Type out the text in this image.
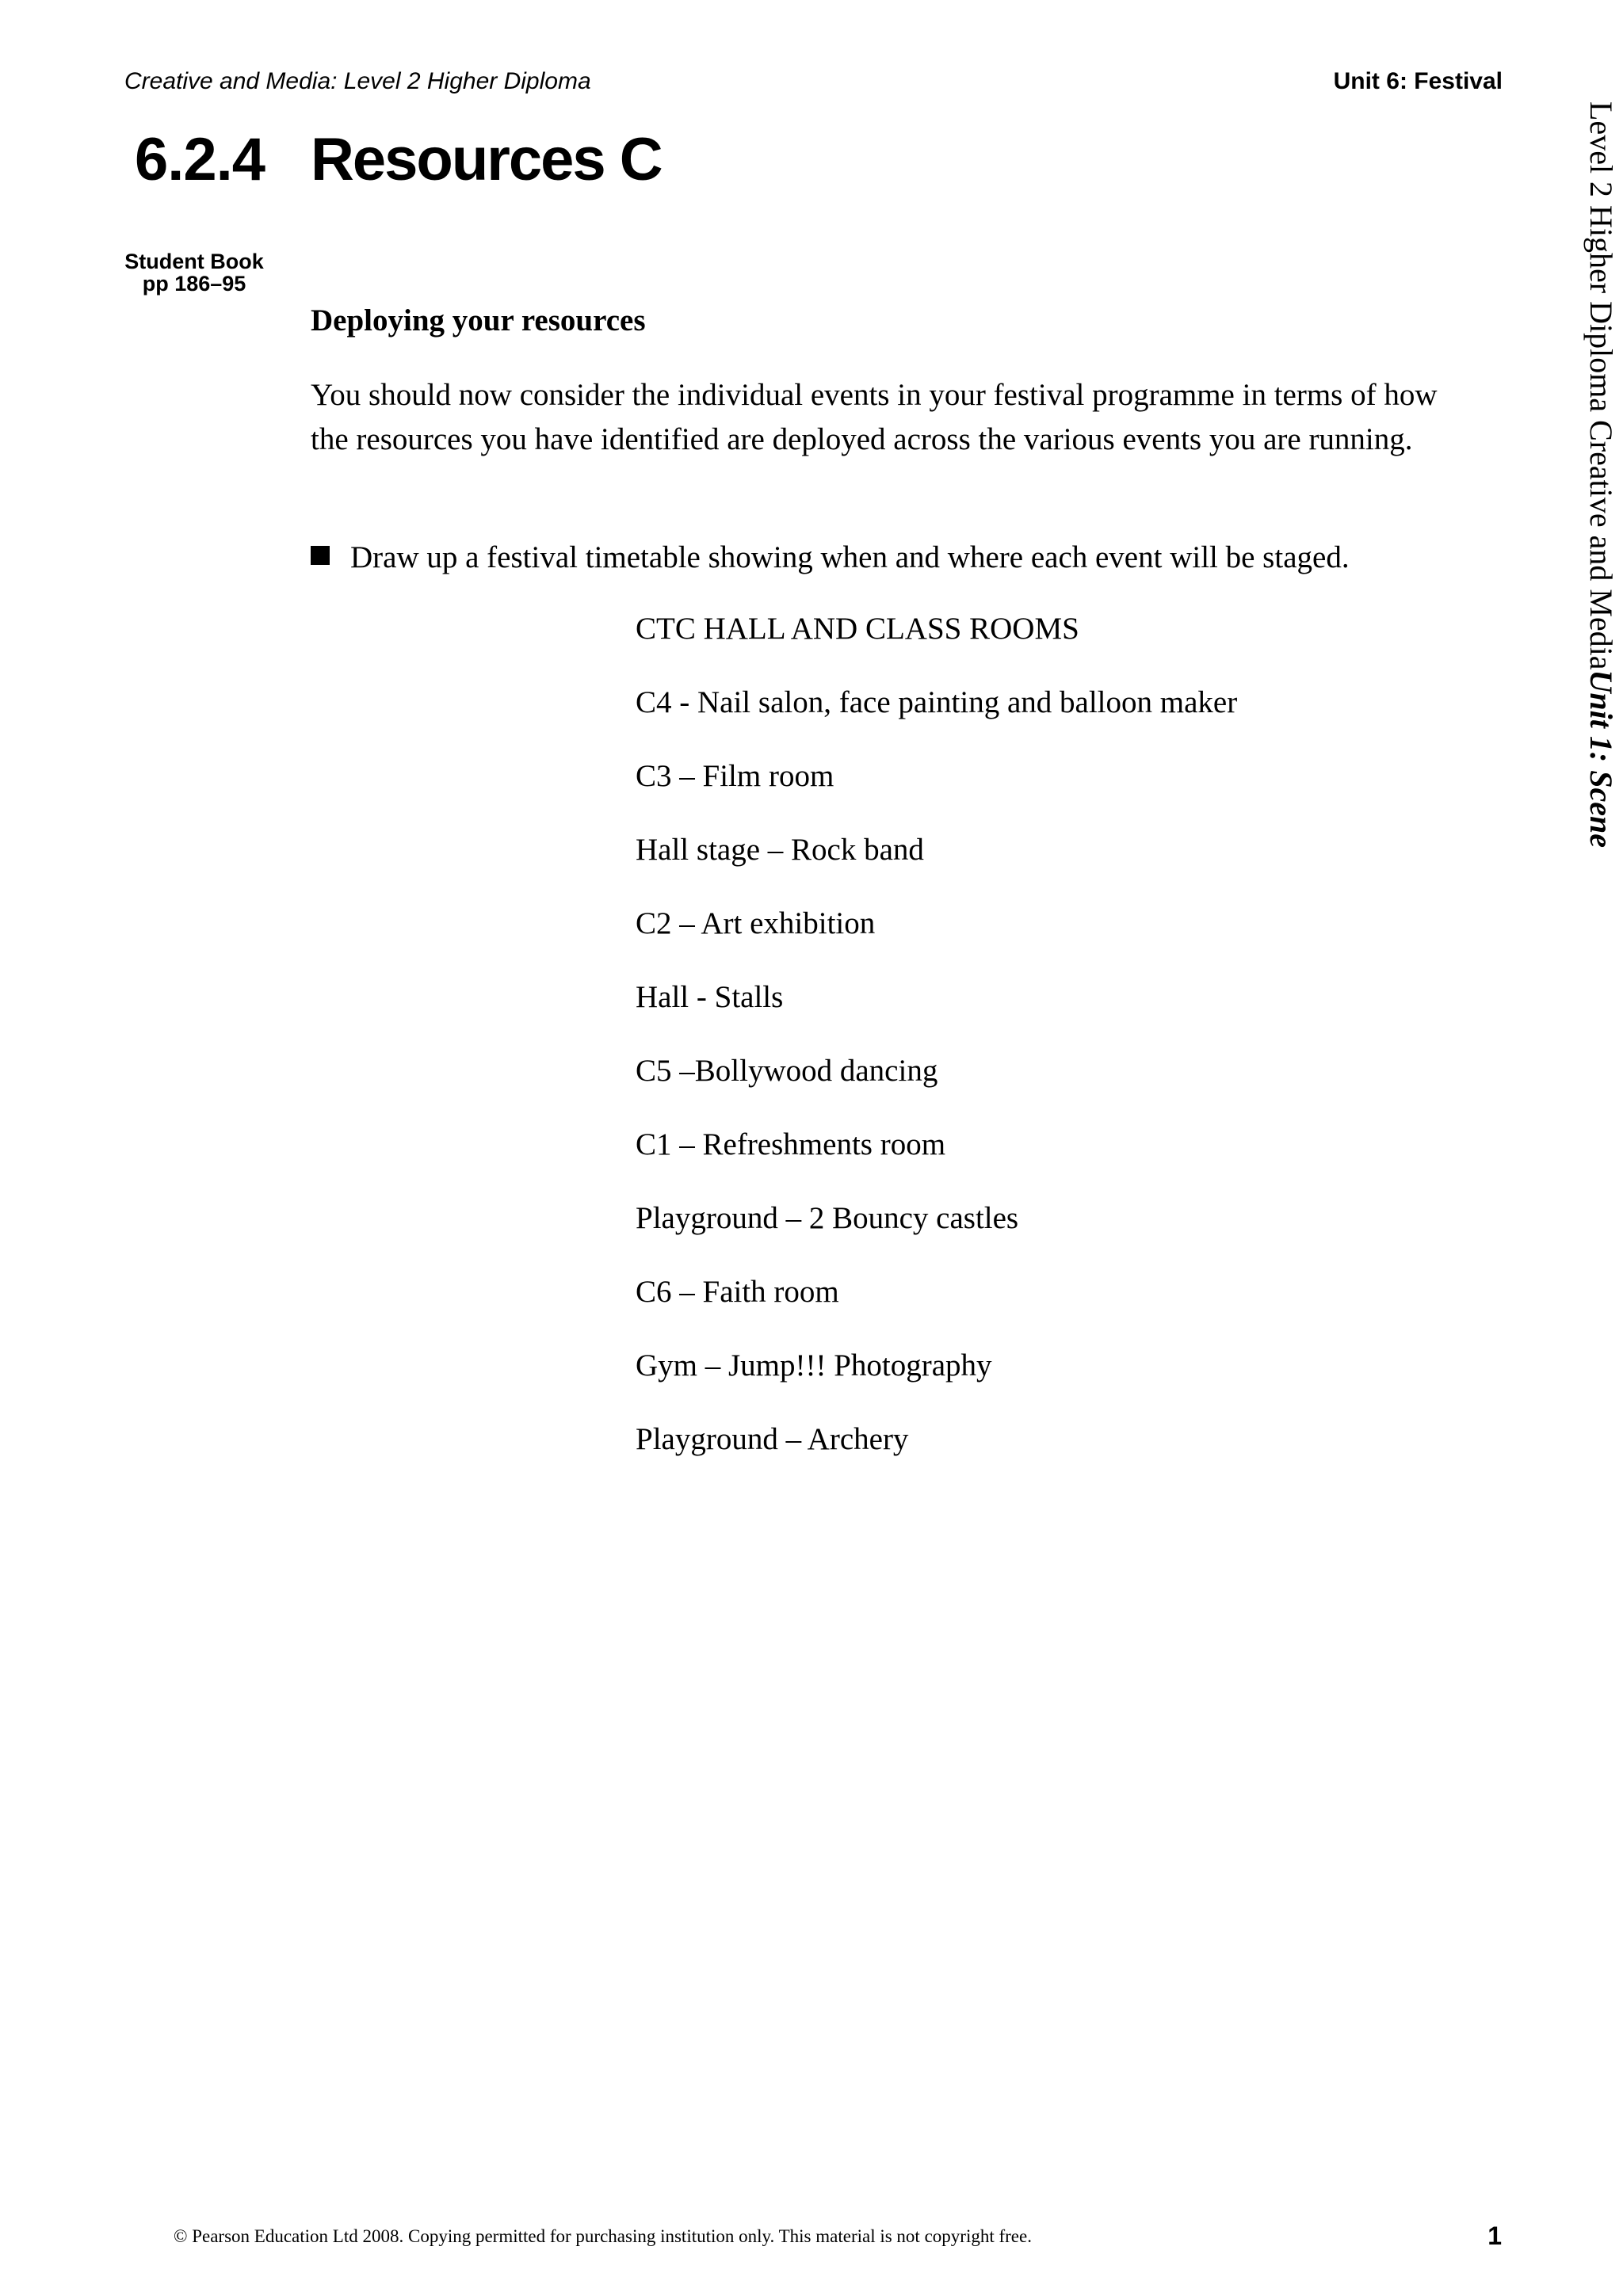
Creative and Media: Level 2 Higher Diploma	Unit 6: Festival
6.2.4 Resources C
Student Book
pp 186–95
Deploying your resources

You should now consider the individual events in your festival programme in terms of how the resources you have identified are deployed across the various events you are running.

Draw up a festival timetable showing when and where each event will be staged.
CTC HALL AND CLASS ROOMS
C4 - Nail salon, face painting and balloon maker
C3 – Film room
Hall stage – Rock band
C2 – Art exhibition
Hall - Stalls
C5 –Bollywood dancing
C1 – Refreshments room
Playground – 2 Bouncy castles
C6 – Faith room
Gym – Jump!!! Photography
Playground – Archery
Level 2 Higher Diploma Creative and MediaUnit 1: Scene
© Pearson Education Ltd 2008. Copying permitted for purchasing institution only. This material is not copyright free.	1
